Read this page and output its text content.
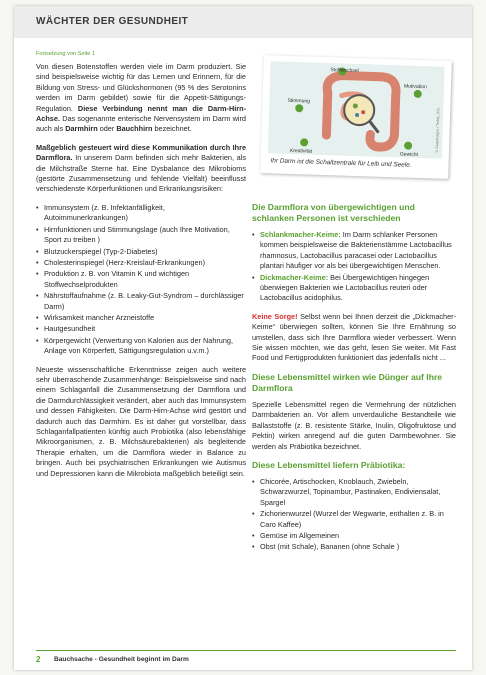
WÄCHTER DER GESUNDHEIT
Fortsetzung von Seite 1

Von diesen Botenstoffen werden viele im Darm produziert. Sie sind beispielsweise wichtig für das Lernen und Erinnern, für die Bildung von Stress- und Glückshormonen (95 % des Serotonins werden im Darm gebildet) sowie für die Appetit-Sättigungs-Regulation. Diese Verbindung nennt man die Darm-Hirn-Achse. Das sogenannte enterische Nervensystem im Darm wird auch als Darmhirn oder Bauchhirn bezeichnet.

Maßgeblich gesteuert wird diese Kommunikation durch Ihre Darmflora. In unserem Darm befinden sich mehr Bakterien, als die Milchstraße Sterne hat. Eine Dysbalance des Mikrobioms (gestörte Zusammensetzung und fehlende Vielfalt) beeinflusst verschiedenste Körperfunktionen und Erkrankungsrisiken:

• Immunsystem (z. B. Infektanfälligkeit, Autoimmunerkrankungen)
• Hirnfunktionen und Stimmungslage (auch Ihre Motivation, Sport zu treiben )
• Blutzuckerspiegel (Typ-2-Diabetes)
• Cholesterinspiegel (Herz-Kreislauf-Erkrankungen)
• Produktion z. B. von Vitamin K und wichtigen Stoffwechselprodukten
• Nährstoffaufnahme (z. B. Leaky-Gut-Syndrom – durchlässiger Darm)
• Wirksamkeit mancher Arzneistoffe
• Hautgesundheit
• Körpergewicht (Verwertung von Kalorien aus der Nahrung, Anlage von Körperfett, Sättigungsregulation u.v.m.)

Neueste wissenschaftliche Erkenntnisse zeigen auch weitere sehr überraschende Zusammenhänge: Beispielsweise sind nach einem Schlaganfall die Zusammensetzung der Darmflora und die Darmdurchlässigkeit verändert, aber auch das Immunsystem und dessen Fähigkeiten. Die Darm-Hirn-Achse wird gestört und dadurch auch das Darmhirn. Es ist daher gut vorstellbar, dass Schlaganfallpatienten künftig auch Probiotika (also lebensfähige Mikroorganismen, z. B. Milchsäurebakterien) als begleitende Therapie erhalten, um die Darmflora wieder in Balance zu bringen. Auch bei psychiatrischen Erkrankungen wie Autismus und Depressionen kann die Mikrobiota maßgeblich beteiligt sein.

Stoffwechsel
Motivation
Stimmung
Kreativität
Gewicht
© Gettyimages / Teddy_XXL
Ihr Darm ist die Schaltzentrale für Leib und Seele.
Die Darmflora von übergewichtigen und schlanken Personen ist verschieden
• Schlankmacher-Keime: Im Darm schlanker Personen kommen beispielsweise die Bakterienstämme Lactobacillus rhamnosus, Lactobacillus paracasei oder Lactobacillus plantari häufiger vor als bei übergewichtigen Menschen.
• Dickmacher-Keime: Bei Übergewichtigen hingegen überwiegen Bakterien wie Lactobacillus reuteri oder Lactobacillus acidophilus.

Keine Sorge! Selbst wenn bei Ihnen derzeit die „Dickmacher-Keime“ überwiegen sollten, können Sie Ihre Ernährung so umstellen, dass sich Ihre Darmflora wieder verbessert. Wenn Sie wissen möchten, wie das geht, lesen Sie weiter. Mit Fast Food und Fertigprodukten funktioniert das jedenfalls nicht ...

Diese Lebensmittel wirken wie Dünger auf Ihre Darmflora

Spezielle Lebensmittel regen die Vermehrung der nützlichen Darmbakterien an. Vor allem unverdauliche Bestandteile wie Ballaststoffe (z. B. resistente Stärke, Inulin, Oligofruktose und Pektin) wirken anregend auf die guten Darmbewohner. Sie werden als Präbiotika bezeichnet.

Diese Lebensmittel liefern Präbiotika:
• Chicorée, Artischocken, Knoblauch, Zwiebeln, Schwarzwurzel, Topinambur, Pastinaken, Endiviensalat, Spargel
• Zichorienwurzel (Wurzel der Wegwarte, enthalten z. B. in Caro Kaffee)
• Gemüse im Allgemeinen
• Obst (mit Schale), Bananen (ohne Schale )
2 Bauchsache - Gesundheit beginnt im Darm
